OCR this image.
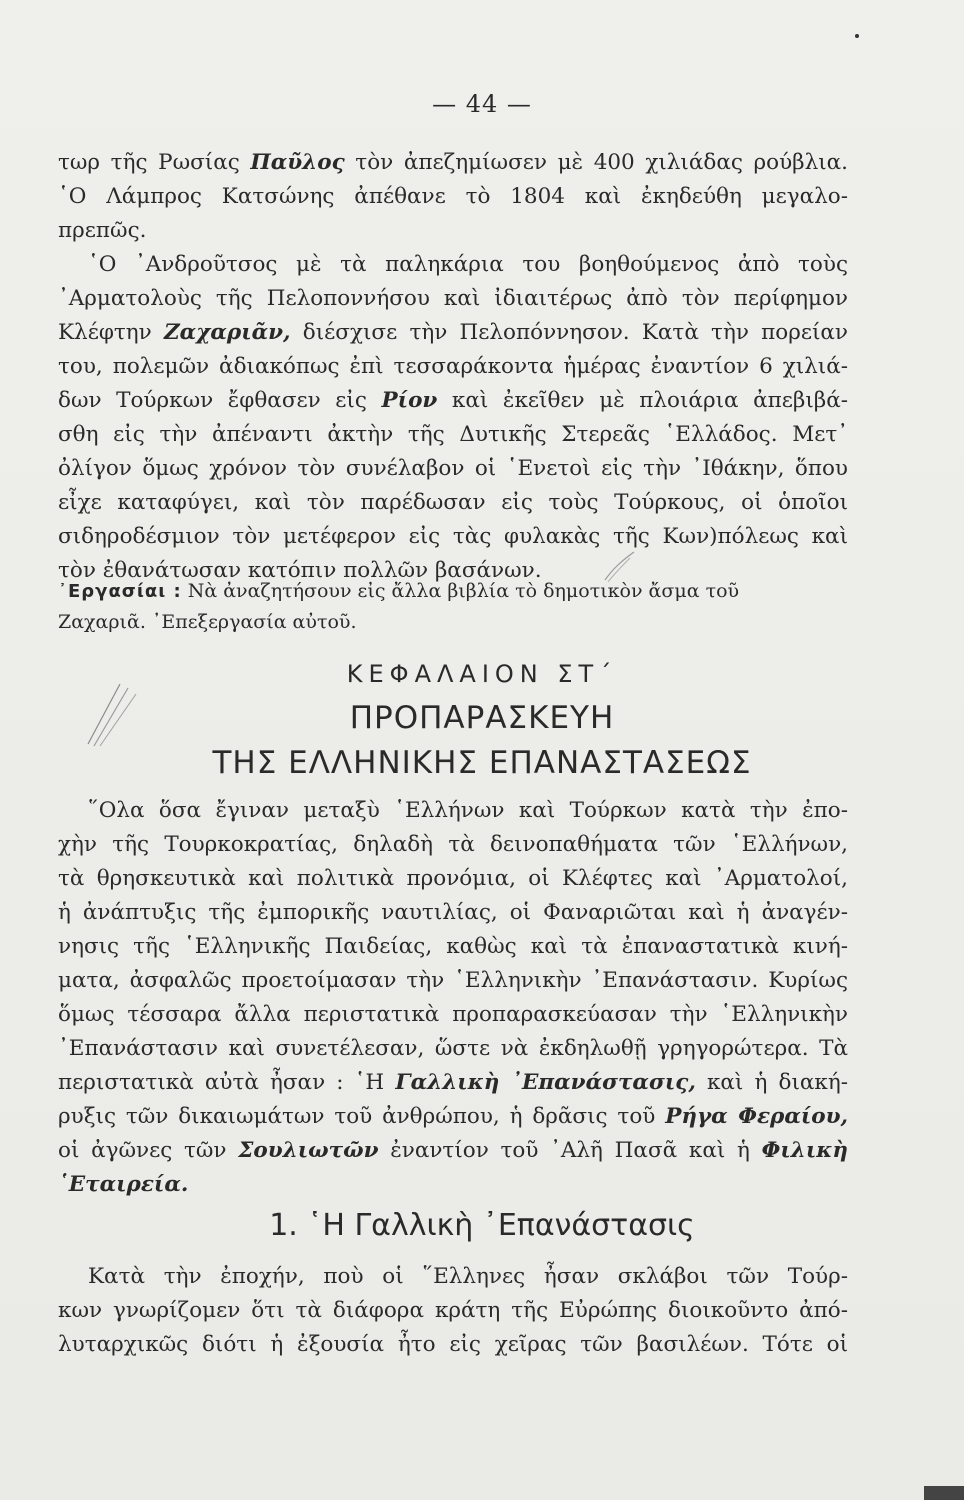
— 44 —
τωρ τῆς Ρωσίας Παῦλος τὸν ἀπεζημίωσεν μὲ 400 χιλιάδας ρούβλια.
῾Ο Λάμπρος Κατσώνης ἀπέθανε τὸ 1804 καὶ ἐκηδεύθη μεγαλο-
πρεπῶς.
῾Ο ᾿Ανδροῦτσος μὲ τὰ παληκάρια του βοηθούμενος ἀπὸ τοὺς
᾿Αρματολοὺς τῆς Πελοποννήσου καὶ ἰδιαιτέρως ἀπὸ τὸν περίφημον
Κλέφτην Ζαχαριᾶν, διέσχισε τὴν Πελοπόννησον. Κατὰ τὴν πορείαν
του, πολεμῶν ἀδιακόπως ἐπὶ τεσσαράκοντα ἡμέρας ἐναντίον 6 χιλιά-
δων Τούρκων ἔφθασεν εἰς Ρίον καὶ ἐκεῖθεν μὲ πλοιάρια ἀπεβιβά-
σθη εἰς τὴν ἀπέναντι ἀκτὴν τῆς Δυτικῆς Στερεᾶς ῾Ελλάδος. Μετ᾿
ὀλίγον ὅμως χρόνον τὸν συνέλαβον οἱ ῾Ενετοὶ εἰς τὴν ᾿Ιθάκην, ὅπου
εἶχε καταφύγει, καὶ τὸν παρέδωσαν εἰς τοὺς Τούρκους, οἱ ὁποῖοι
σιδηροδέσμιον τὸν μετέφερον εἰς τὰς φυλακὰς τῆς Κων)πόλεως καὶ
τὸν ἐθανάτωσαν κατόπιν πολλῶν βασάνων.
᾿Εργασίαι : Νὰ ἀναζητήσουν εἰς ἄλλα βιβλία τὸ δημοτικὸν ἄσμα τοῦ
Ζαχαριᾶ. ᾿Επεξεργασία αὐτοῦ.
ΚΕΦΑΛΑΙΟΝ ΣΤ΄
ΠΡΟΠΑΡΑΣΚΕΥΗ
ΤΗΣ ΕΛΛΗΝΙΚΗΣ ΕΠΑΝΑΣΤΑΣΕΩΣ
῞Ολα ὅσα ἔγιναν μεταξὺ ῾Ελλήνων καὶ Τούρκων κατὰ τὴν ἐπο-
χὴν τῆς Τουρκοκρατίας, δηλαδὴ τὰ δεινοπαθήματα τῶν ῾Ελλήνων,
τὰ θρησκευτικὰ καὶ πολιτικὰ προνόμια, οἱ Κλέφτες καὶ ᾿Αρματολοί,
ἡ ἀνάπτυξις τῆς ἐμπορικῆς ναυτιλίας, οἱ Φαναριῶται καὶ ἡ ἀναγέν-
νησις τῆς ῾Ελληνικῆς Παιδείας, καθὼς καὶ τὰ ἐπαναστατικὰ κινή-
ματα, ἀσφαλῶς προετοίμασαν τὴν ῾Ελληνικὴν ᾿Επανάστασιν. Κυρίως
ὅμως τέσσαρα ἄλλα περιστατικὰ προπαρασκεύασαν τὴν ῾Ελληνικὴν
᾿Επανάστασιν καὶ συνετέλεσαν, ὥστε νὰ ἐκδηλωθῇ γρηγορώτερα. Τὰ
περιστατικὰ αὐτὰ ἦσαν : ῾Η Γαλλικὴ ᾿Επανάστασις, καὶ ἡ διακή-
ρυξις τῶν δικαιωμάτων τοῦ ἀνθρώπου, ἡ δρᾶσις τοῦ Ρήγα Φεραίου,
οἱ ἀγῶνες τῶν Σουλιωτῶν ἐναντίον τοῦ ᾿Αλῆ Πασᾶ καὶ ἡ Φιλικὴ
῾Εταιρεία.
1. ῾Η Γαλλικὴ ᾿Επανάστασις
Κατὰ τὴν ἐποχήν, ποὺ οἱ ῞Ελληνες ἦσαν σκλάβοι τῶν Τούρ-
κων γνωρίζομεν ὅτι τὰ διάφορα κράτη τῆς Εὐρώπης διοικοῦντο ἀπό-
λυταρχικῶς διότι ἡ ἐξουσία ἦτο εἰς χεῖρας τῶν βασιλέων. Τότε οἱ
